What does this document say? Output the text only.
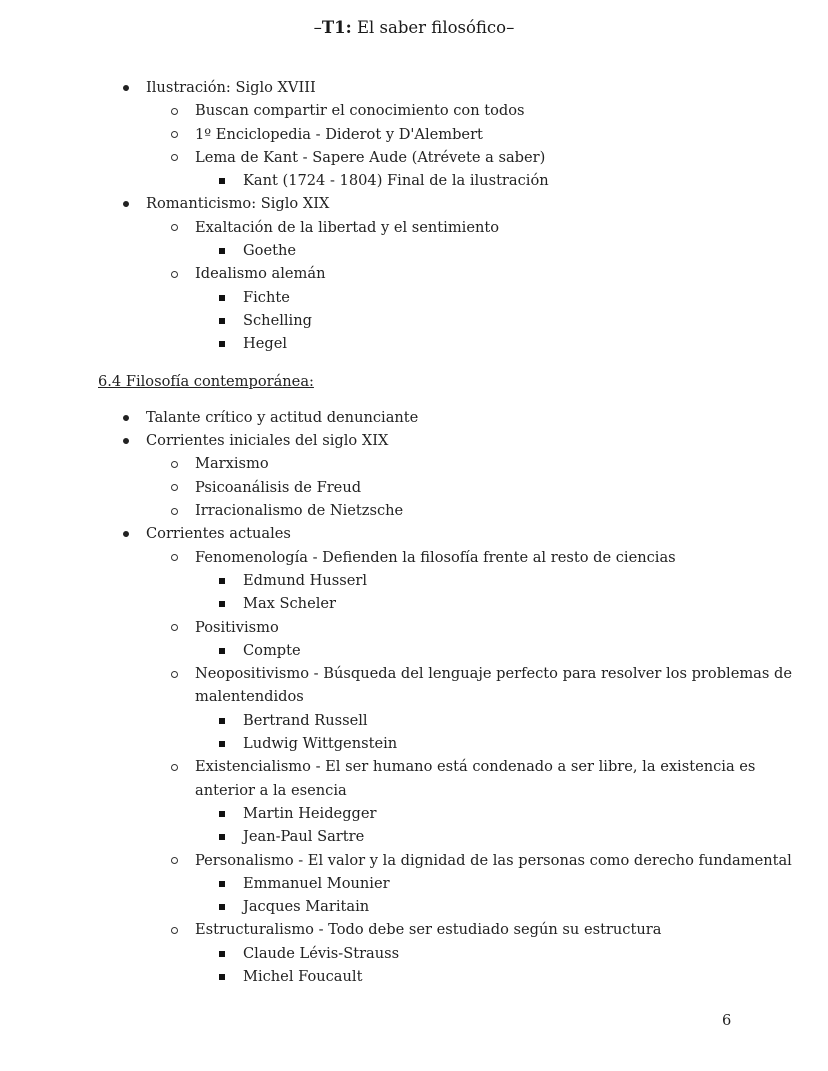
–T1: El saber filosófico–
Ilustración: Siglo XVIII
Buscan compartir el conocimiento con todos
1º Enciclopedia - Diderot y D'Alembert
Lema de Kant - Sapere Aude (Atrévete a saber)
Kant (1724 - 1804) Final de la ilustración
Romanticismo: Siglo XIX
Exaltación de la libertad y el sentimiento
Goethe
Idealismo alemán
Fichte
Schelling
Hegel
6.4 Filosofía contemporánea:
Talante crítico y actitud denunciante
Corrientes iniciales del siglo XIX
Marxismo
Psicoanálisis de Freud
Irracionalismo de Nietzsche
Corrientes actuales
Fenomenología - Defienden la filosofía frente al resto de ciencias
Edmund Husserl
Max Scheler
Positivismo
Compte
Neopositivismo - Búsqueda del lenguaje perfecto para resolver los problemas de
malentendidos
Bertrand Russell
Ludwig Wittgenstein
Existencialismo - El ser humano está condenado a ser libre, la existencia es
anterior a la esencia
Martin Heidegger
Jean-Paul Sartre
Personalismo - El valor y la dignidad de las personas como derecho fundamental
Emmanuel Mounier
Jacques Maritain
Estructuralismo - Todo debe ser estudiado según su estructura
Claude Lévis-Strauss
Michel Foucault
6
